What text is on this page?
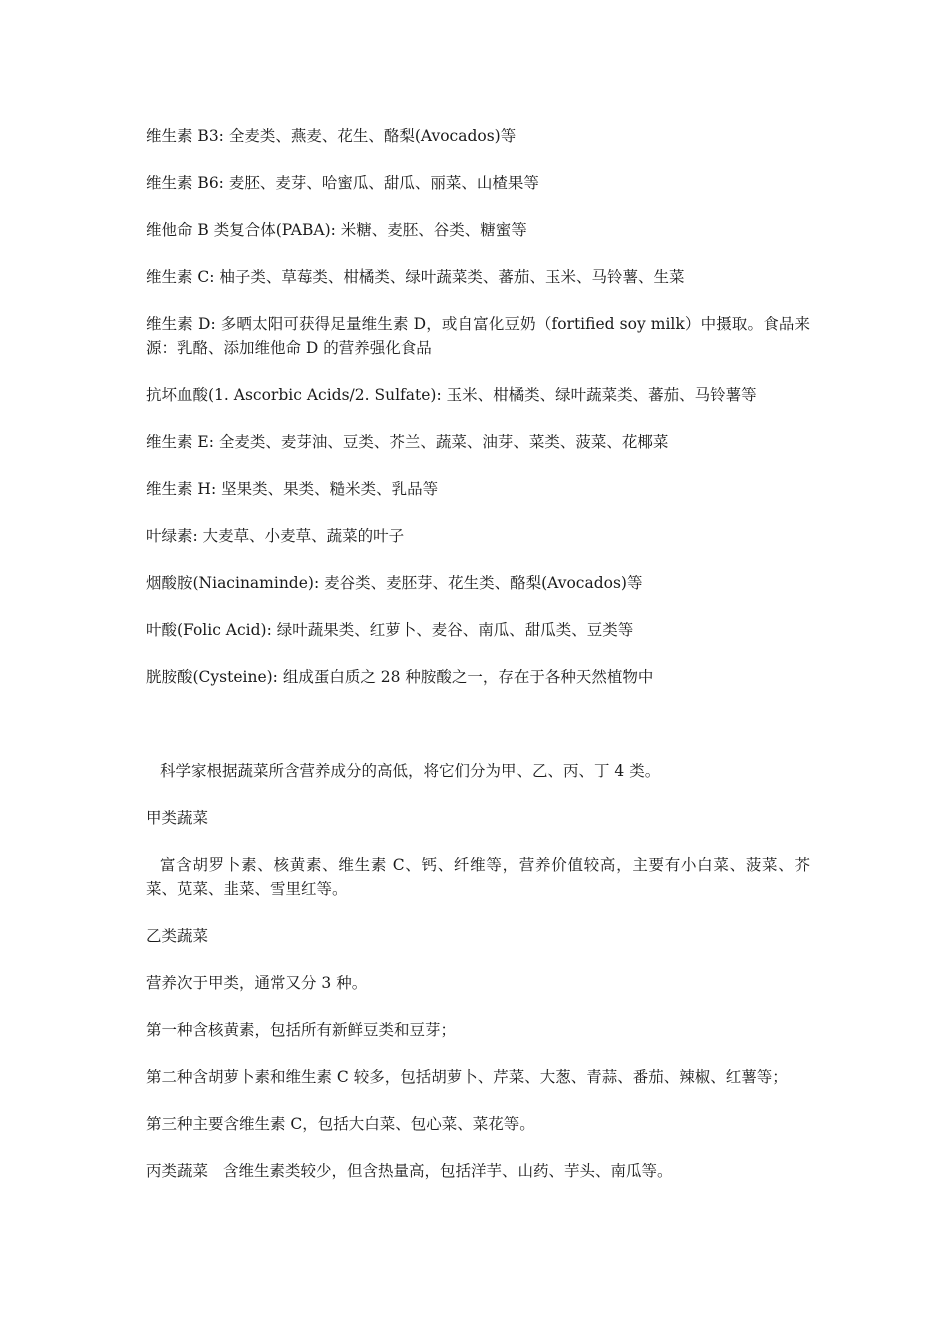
维生素 B3: 全麦类、燕麦、花生、酪梨(Avocados)等

维生素 B6: 麦胚、麦芽、哈蜜瓜、甜瓜、丽菜、山楂果等

维他命 B 类复合体(PABA): 米糖、麦胚、谷类、糖蜜等

维生素 C: 柚子类、草莓类、柑橘类、绿叶蔬菜类、蕃茄、玉米、马铃薯、生菜

维生素 D: 多晒太阳可获得足量维生素 D，或自富化豆奶（fortified soy milk）中摄取。食品来源：乳酪、添加维他命 D 的营养强化食品

抗坏血酸(1. Ascorbic Acids/2. Sulfate): 玉米、柑橘类、绿叶蔬菜类、蕃茄、马铃薯等

维生素 E: 全麦类、麦芽油、豆类、芥兰、蔬菜、油芽、菜类、菠菜、花椰菜

维生素 H: 坚果类、果类、糙米类、乳品等

叶绿素: 大麦草、小麦草、蔬菜的叶子

烟酸胺(Niacinaminde): 麦谷类、麦胚芽、花生类、酪梨(Avocados)等

叶酸(Folic Acid): 绿叶蔬果类、红萝卜、麦谷、南瓜、甜瓜类、豆类等

胱胺酸(Cysteine): 组成蛋白质之 28 种胺酸之一，存在于各种天然植物中

科学家根据蔬菜所含营养成分的高低，将它们分为甲、乙、丙、丁 4 类。

甲类蔬菜

富含胡罗卜素、核黄素、维生素 C、钙、纤维等，营养价值较高，主要有小白菜、菠菜、芥菜、苋菜、韭菜、雪里红等。

乙类蔬菜

营养次于甲类，通常又分 3 种。

第一种含核黄素，包括所有新鲜豆类和豆芽；

第二种含胡萝卜素和维生素 C 较多，包括胡萝卜、芹菜、大葱、青蒜、番茄、辣椒、红薯等；

第三种主要含维生素 C，包括大白菜、包心菜、菜花等。

丙类蔬菜 含维生素类较少，但含热量高，包括洋芋、山药、芋头、南瓜等。
